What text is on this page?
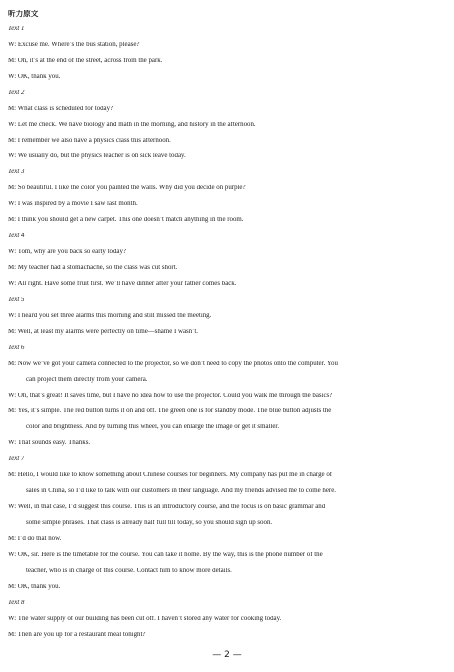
听力原文
Text 1
W: Excuse me. Where’s the bus station, please?
M: Oh, it’s at the end of the street, across from the park.
W: OK, thank you.
Text 2
M: What class is scheduled for today?
W: Let me check. We have biology and math in the morning, and history in the afternoon.
M: I remember we also have a physics class this afternoon.
W: We usually do, but the physics teacher is on sick leave today.
Text 3
M: So beautiful. I like the color you painted the walls. Why did you decide on purple?
W: I was inspired by a movie I saw last month.
M: I think you should get a new carpet. This one doesn’t match anything in the room.
Text 4
W: Tom, why are you back so early today?
M: My teacher had a stomachache, so the class was cut short.
W: All right. Have some fruit first. We’ll have dinner after your father comes back.
Text 5
W: I heard you set three alarms this morning and still missed the meeting.
M: Well, at least my alarms were perfectly on time—shame I wasn’t.
Text 6
M: Now we’ve got your camera connected to the projector, so we don’t need to copy the photos onto the computer. You
can project them directly from your camera.
W: Oh, that’s great! It saves time, but I have no idea how to use the projector. Could you walk me through the basics?
M: Yes, it’s simple. The red button turns it on and off. The green one is for standby mode. The blue button adjusts the
color and brightness. And by turning this wheel, you can enlarge the image or get it smaller.
W: That sounds easy. Thanks.
Text 7
M: Hello, I would like to know something about Chinese courses for beginners. My company has put me in charge of
sales in China, so I’d like to talk with our customers in their language. And my friends advised me to come here.
W: Well, in that case, I’d suggest this course. This is an introductory course, and the focus is on basic grammar and
some simple phrases. That class is already half full till today, so you should sign up soon.
M: I’d do that now.
W: OK, sir. Here is the timetable for the course. You can take it home. By the way, this is the phone number of the
teacher, who is in charge of this course. Contact him to know more details.
M: OK, thank you.
Text 8
W: The water supply of our building has been cut off. I haven’t stored any water for cooking today.
M: Then are you up for a restaurant meal tonight?
— 2 —
